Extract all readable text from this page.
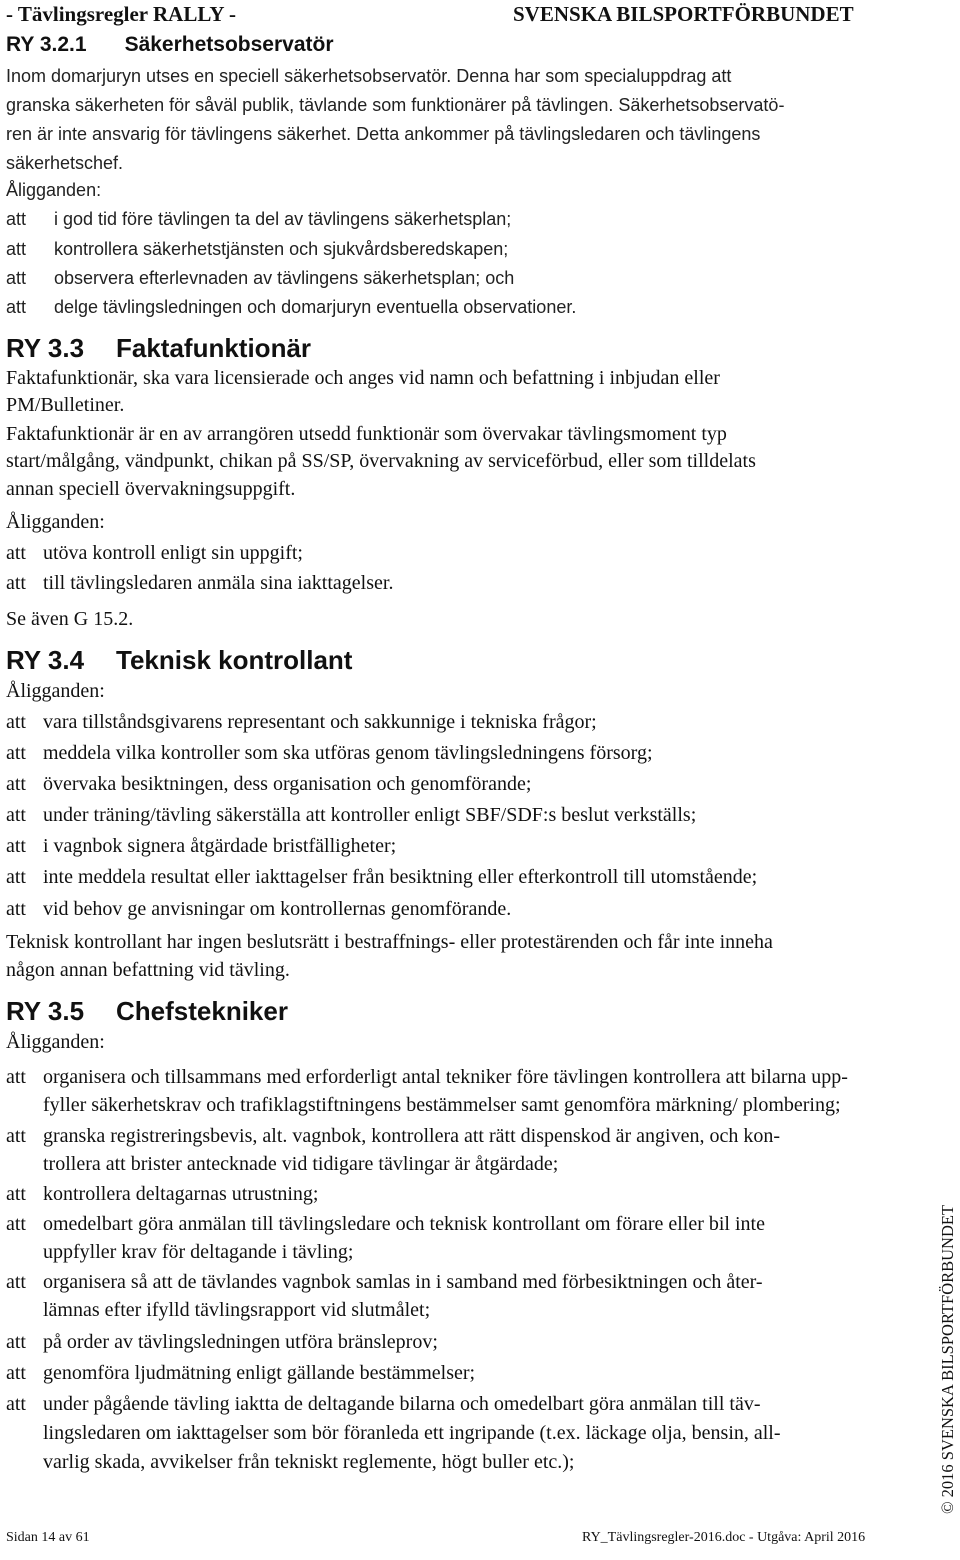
- Tävlingsregler RALLY -	SVENSKA BILSPORTFÖRBUNDET
RY 3.2.1 Säkerhetsobservatör
Inom domarjuryn utses en speciell säkerhetsobservatör. Denna har som specialuppdrag att
granska säkerheten för såväl publik, tävlande som funktionärer på tävlingen. Säkerhetsobservatö-
ren är inte ansvarig för tävlingens säkerhet. Detta ankommer på tävlingsledaren och tävlingens
säkerhetschef.
Åligganden:
att i god tid före tävlingen ta del av tävlingens säkerhetsplan;
att kontrollera säkerhetstjänsten och sjukvårdsberedskapen;
att observera efterlevnaden av tävlingens säkerhetsplan; och
att delge tävlingsledningen och domarjuryn eventuella observationer.
RY 3.3 Faktafunktionär
Faktafunktionär, ska vara licensierade och anges vid namn och befattning i inbjudan eller
PM/Bulletiner.
Faktafunktionär är en av arrangören utsedd funktionär som övervakar tävlingsmoment typ
start/målgång, vändpunkt, chikan på SS/SP, övervakning av serviceförbud, eller som tilldelats
annan speciell övervakningsuppgift.
Åligganden:
att utöva kontroll enligt sin uppgift;
att till tävlingsledaren anmäla sina iakttagelser.
Se även G 15.2.
RY 3.4 Teknisk kontrollant
Åligganden:
att vara tillståndsgivarens representant och sakkunnige i tekniska frågor;
att meddela vilka kontroller som ska utföras genom tävlingsledningens försorg;
att övervaka besiktningen, dess organisation och genomförande;
att under träning/tävling säkerställa att kontroller enligt SBF/SDF:s beslut verkställs;
att i vagnbok signera åtgärdade bristfälligheter;
att inte meddela resultat eller iakttagelser från besiktning eller efterkontroll till utomstående;
att vid behov ge anvisningar om kontrollernas genomförande.
Teknisk kontrollant har ingen beslutsrätt i bestraffnings- eller protestärenden och får inte inneha
någon annan befattning vid tävling.
RY 3.5 Chefstekniker
Åligganden:
att organisera och tillsammans med erforderligt antal tekniker före tävlingen kontrollera att bilarna upp-
fyller säkerhetskrav och trafiklagstiftningens bestämmelser samt genomföra märkning/ plombering;
att granska registreringsbevis, alt. vagnbok, kontrollera att rätt dispenskod är angiven, och kon-
trollera att brister antecknade vid tidigare tävlingar är åtgärdade;
att kontrollera deltagarnas utrustning;
att omedelbart göra anmälan till tävlingsledare och teknisk kontrollant om förare eller bil inte
uppfyller krav för deltagande i tävling;
att organisera så att de tävlandes vagnbok samlas in i samband med förbesiktningen och åter-
lämnas efter ifylld tävlingsrapport vid slutmålet;
att på order av tävlingsledningen utföra bränsleprov;
att genomföra ljudmätning enligt gällande bestämmelser;
att under pågående tävling iaktta de deltagande bilarna och omedelbart göra anmälan till täv-
lingsledaren om iakttagelser som bör föranleda ett ingripande (t.ex. läckage olja, bensin, all-
varlig skada, avvikelser från tekniskt reglemente, högt buller etc.);	© 2016 SVENSKA BILSPORTFÖRBUNDET
Sidan 14 av 61	RY_Tävlingsregler-2016.doc - Utgåva: April 2016
